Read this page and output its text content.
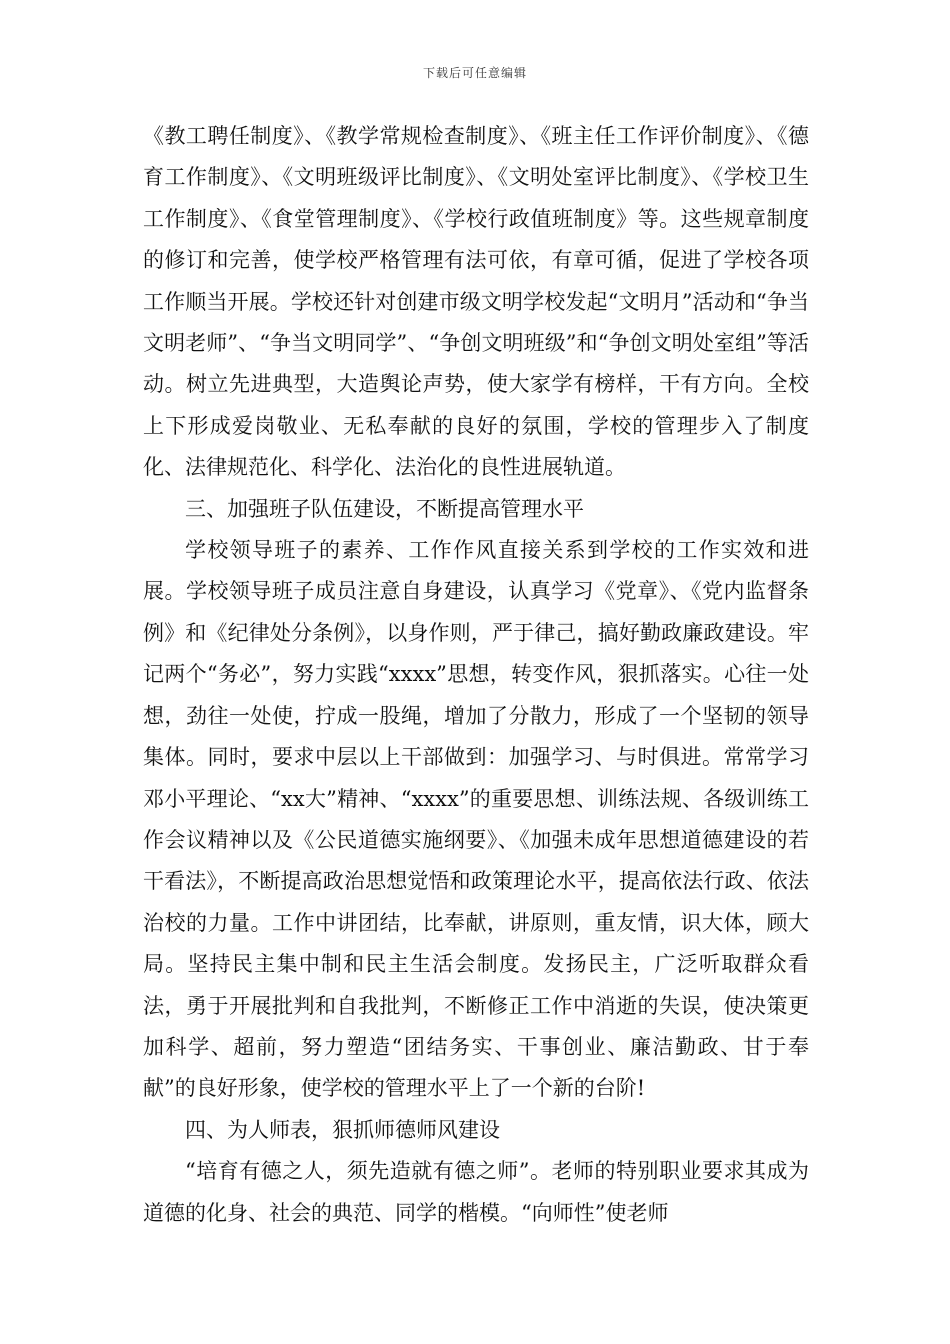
下载后可任意编辑

《教工聘任制度》、《教学常规检查制度》、《班主任工作评价制度》、《德育工作制度》、《文明班级评比制度》、《文明处室评比制度》、《学校卫生工作制度》、《食堂管理制度》、《学校行政值班制度》等。这些规章制度的修订和完善，使学校严格管理有法可依，有章可循，促进了学校各项工作顺当开展。学校还针对创建市级文明学校发起“文明月”活动和“争当文明老师”、“争当文明同学”、“争创文明班级”和“争创文明处室组”等活动。树立先进典型，大造舆论声势，使大家学有榜样，干有方向。全校上下形成爱岗敬业、无私奉献的良好的氛围，学校的管理步入了制度化、法律规范化、科学化、法治化的良性进展轨道。

三、加强班子队伍建设，不断提高管理水平

学校领导班子的素养、工作作风直接关系到学校的工作实效和进展。学校领导班子成员注意自身建设，认真学习《党章》、《党内监督条例》和《纪律处分条例》，以身作则，严于律己，搞好勤政廉政建设。牢记两个“务必”，努力实践“xxxx”思想，转变作风，狠抓落实。心往一处想，劲往一处使，拧成一股绳，增加了分散力，形成了一个坚韧的领导集体。同时，要求中层以上干部做到：加强学习、与时俱进。常常学习邓小平理论、“xx大”精神、“xxxx”的重要思想、训练法规、各级训练工作会议精神以及《公民道德实施纲要》、《加强未成年思想道德建设的若干看法》，不断提高政治思想觉悟和政策理论水平，提高依法行政、依法治校的力量。工作中讲团结，比奉献，讲原则，重友情，识大体，顾大局。坚持民主集中制和民主生活会制度。发扬民主，广泛听取群众看法，勇于开展批判和自我批判，不断修正工作中消逝的失误，使决策更加科学、超前，努力塑造“团结务实、干事创业、廉洁勤政、甘于奉献”的良好形象，使学校的管理水平上了一个新的台阶!

四、为人师表，狠抓师德师风建设

“培育有德之人，须先造就有德之师”。老师的特别职业要求其成为道德的化身、社会的典范、同学的楷模。“向师性”使老师
